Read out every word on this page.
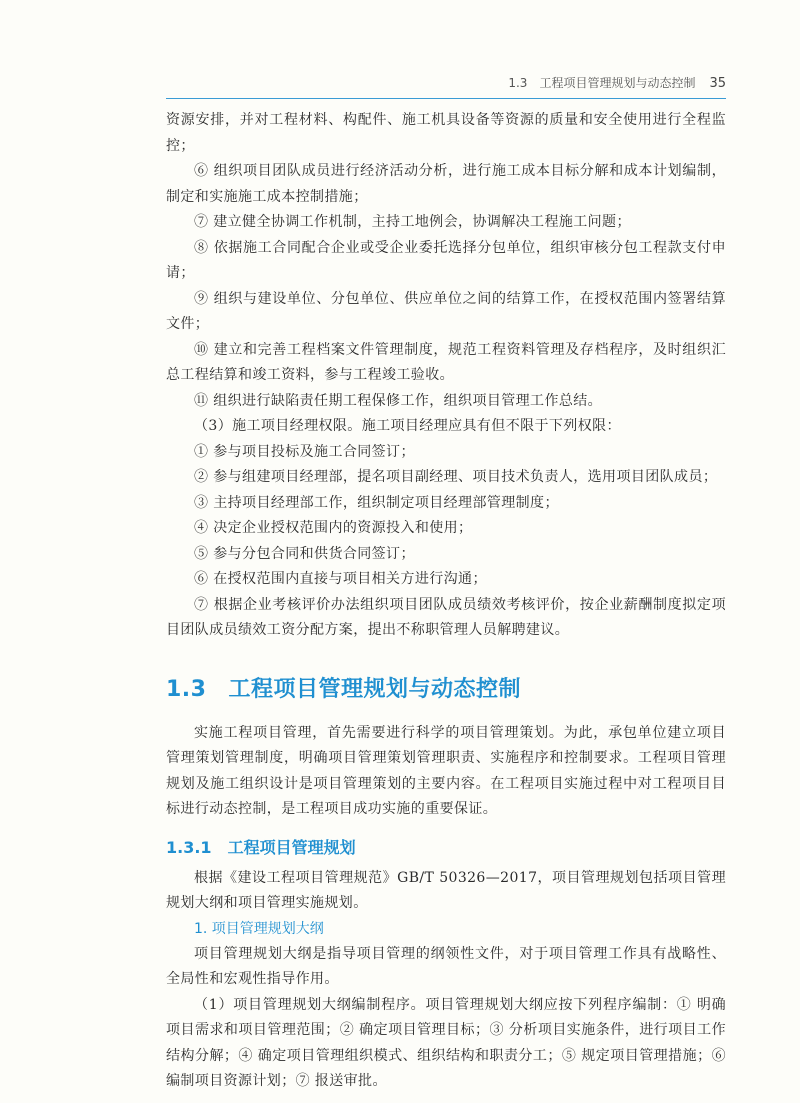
1.3　工程项目管理规划与动态控制 35

资源安排，并对工程材料、构配件、施工机具设备等资源的质量和安全使用进行全程监控；

⑥ 组织项目团队成员进行经济活动分析，进行施工成本目标分解和成本计划编制，制定和实施施工成本控制措施；

⑦ 建立健全协调工作机制，主持工地例会，协调解决工程施工问题；

⑧ 依据施工合同配合企业或受企业委托选择分包单位，组织审核分包工程款支付申请；

⑨ 组织与建设单位、分包单位、供应单位之间的结算工作，在授权范围内签署结算文件；

⑩ 建立和完善工程档案文件管理制度，规范工程资料管理及存档程序，及时组织汇总工程结算和竣工资料，参与工程竣工验收。

⑪ 组织进行缺陷责任期工程保修工作，组织项目管理工作总结。

（3）施工项目经理权限。施工项目经理应具有但不限于下列权限：

① 参与项目投标及施工合同签订；

② 参与组建项目经理部，提名项目副经理、项目技术负责人，选用项目团队成员；

③ 主持项目经理部工作，组织制定项目经理部管理制度；

④ 决定企业授权范围内的资源投入和使用；

⑤ 参与分包合同和供货合同签订；

⑥ 在授权范围内直接与项目相关方进行沟通；

⑦ 根据企业考核评价办法组织项目团队成员绩效考核评价，按企业薪酬制度拟定项目团队成员绩效工资分配方案，提出不称职管理人员解聘建议。

1.3 工程项目管理规划与动态控制

实施工程项目管理，首先需要进行科学的项目管理策划。为此，承包单位建立项目管理策划管理制度，明确项目管理策划管理职责、实施程序和控制要求。工程项目管理规划及施工组织设计是项目管理策划的主要内容。在工程项目实施过程中对工程项目目标进行动态控制，是工程项目成功实施的重要保证。

1.3.1 工程项目管理规划

根据《建设工程项目管理规范》GB/T 50326—2017，项目管理规划包括项目管理规划大纲和项目管理实施规划。

1. 项目管理规划大纲

项目管理规划大纲是指导项目管理的纲领性文件，对于项目管理工作具有战略性、全局性和宏观性指导作用。

（1）项目管理规划大纲编制程序。项目管理规划大纲应按下列程序编制：① 明确项目需求和项目管理范围；② 确定项目管理目标；③ 分析项目实施条件，进行项目工作结构分解；④ 确定项目管理组织模式、组织结构和职责分工；⑤ 规定项目管理措施；⑥ 编制项目资源计划；⑦ 报送审批。
